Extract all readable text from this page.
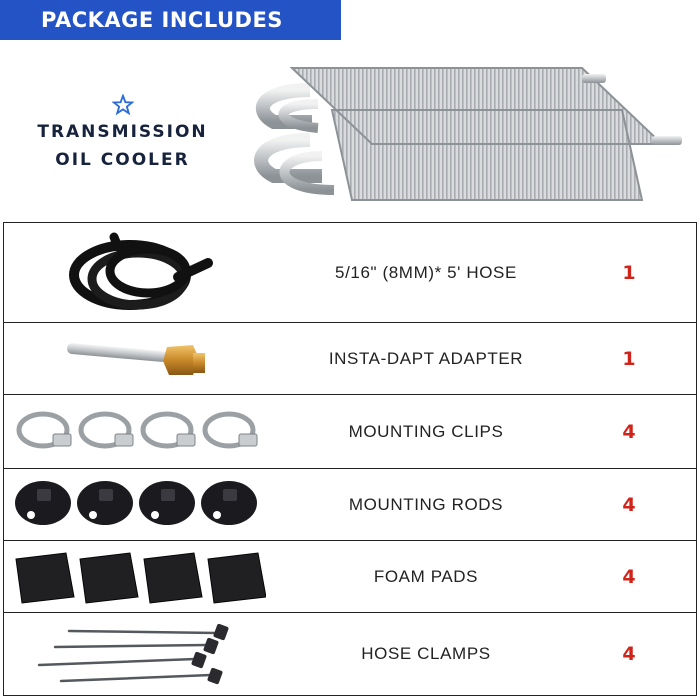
PACKAGE INCLUDES
TRANSMISSION
OIL COOLER
5/16" (8MM)* 5' HOSE	1
INSTA-DAPT ADAPTER	1
MOUNTING CLIPS	4
MOUNTING RODS	4
FOAM PADS	4
HOSE CLAMPS	4
